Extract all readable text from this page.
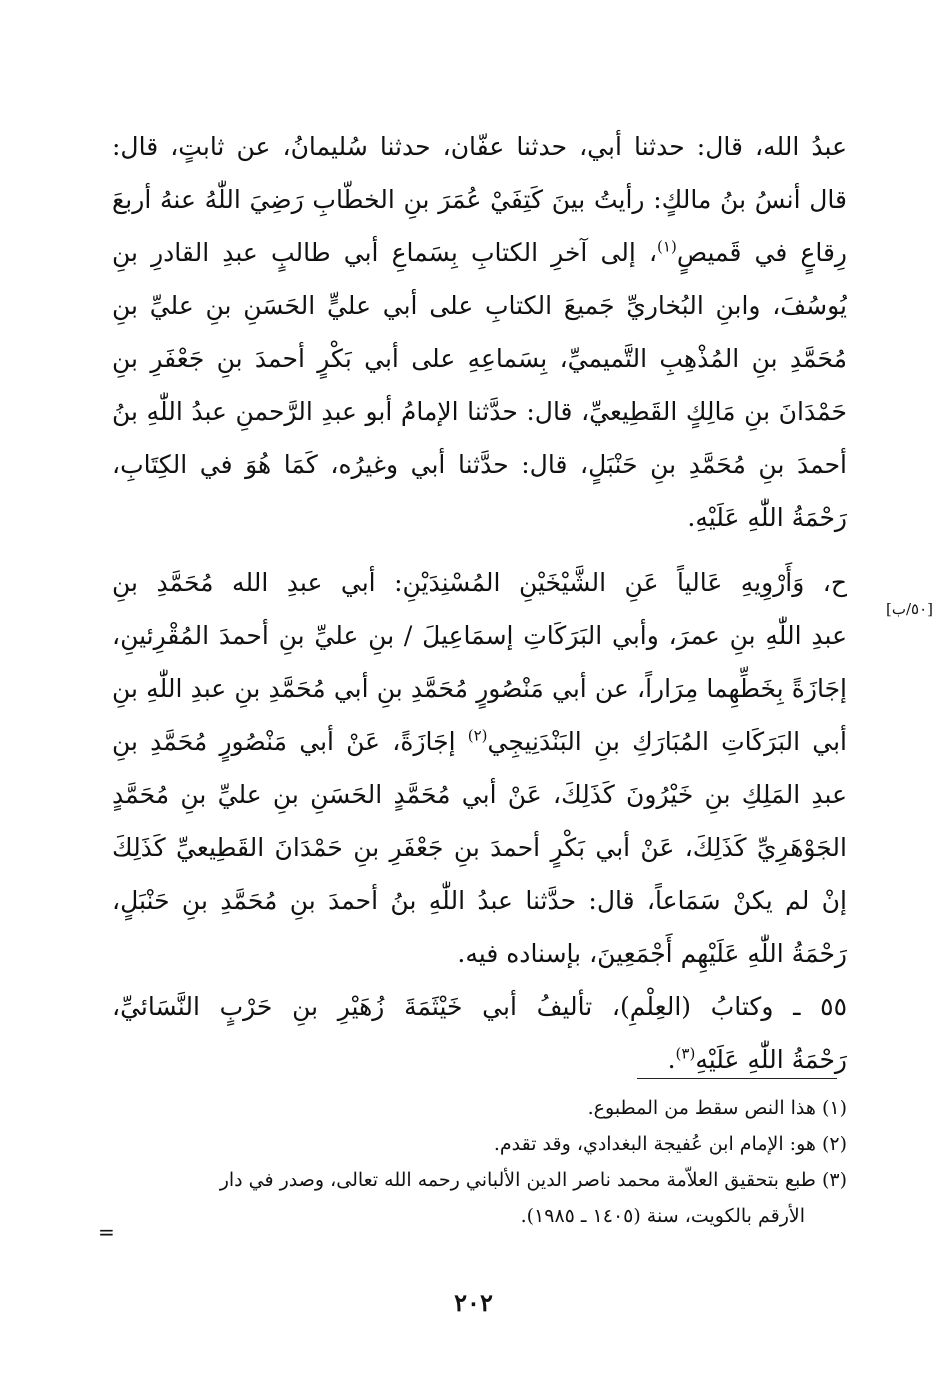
عبدُ الله، قال: حدثنا أبي، حدثنا عفّان، حدثنا سُليمانُ، عن ثابتٍ، قال:
قال أنسُ بنُ مالكٍ: رأيتُ بينَ كَتِفَيْ عُمَرَ بنِ الخطّابِ رَضِيَ اللّٰهُ عنهُ أربعَ
رِقاعٍ في قَميصٍ$^{(١)}$، إلى آخرِ الكتابِ بِسَماعِ أبي طالبٍ عبدِ القادرِ بنِ
يُوسُفَ، وابنِ البُخاريِّ جَميعَ الكتابِ على أبي عليٍّ الحَسَنِ بنِ عليِّ بنِ
مُحَمَّدِ بنِ المُذْهِبِ التَّميميِّ، بِسَماعِهِ على أبي بَكْرٍ أحمدَ بنِ جَعْفَرِ بنِ
حَمْدَانَ بنِ مَالِكٍ القَطِيعيِّ، قال: حدَّثنا الإمامُ أبو عبدِ الرَّحمنِ عبدُ اللّٰهِ بنُ
أحمدَ بنِ مُحَمَّدِ بنِ حَنْبَلٍ، قال: حدَّثنا أبي وغيرُه، كَمَا هُوَ في الكِتَابِ،
رَحْمَةُ اللّٰهِ عَلَيْهِ.
ح، وَأَرْوِيهِ عَالياً عَنِ الشَّيْخَيْنِ المُسْنِدَيْنِ: أبي عبدِ الله مُحَمَّدِ بنِ
عبدِ اللّٰهِ بنِ عمرَ، وأبي البَرَكَاتِ إسمَاعِيلَ / بنِ عليِّ بنِ أحمدَ المُقْرِئينِ،
إجَازَةً بِخَطِّهِما مِرَاراً، عن أبي مَنْصُورٍ مُحَمَّدِ بنِ أبي مُحَمَّدِ بنِ عبدِ اللّٰهِ بنِ
أبي البَرَكَاتِ المُبَارَكِ بنِ البَنْدَنِيجِي$^{(٢)}$ إجَازَةً، عَنْ أبي مَنْصُورٍ مُحَمَّدِ بنِ
عبدِ المَلِكِ بنِ خَيْرُونَ كَذَلِكَ، عَنْ أبي مُحَمَّدٍ الحَسَنِ بنِ عليِّ بنِ مُحَمَّدٍ
الجَوْهَرِيِّ كَذَلِكَ، عَنْ أبي بَكْرٍ أحمدَ بنِ جَعْفَرِ بنِ حَمْدَانَ القَطِيعيِّ كَذَلِكَ
إنْ لم يكنْ سَمَاعاً، قال: حدَّثنا عبدُ اللّٰهِ بنُ أحمدَ بنِ مُحَمَّدِ بنِ حَنْبَلٍ،
رَحْمَةُ اللّٰهِ عَلَيْهِم أَجْمَعِينَ، بإسناده فيه.
٥٥ ـ وكتابُ (العِلْمِ)، تأليفُ أبي خَيْثَمَةَ زُهَيْرِ بنِ حَرْبٍ النَّسَائيِّ،
رَحْمَةُ اللّٰهِ عَلَيْهِ$^{(٣)}$.
[٥٠/ب]
(١) هذا النص سقط من المطبوع.
(٢) هو: الإمام ابن عُفيجة البغدادي، وقد تقدم.
(٣) طبع بتحقيق العلاّمة محمد ناصر الدين الألباني رحمه الله تعالى، وصدر في دار
الأرقم بالكويت، سنة (١٤٠٥ ـ ١٩٨٥).
=
٢٠٢
